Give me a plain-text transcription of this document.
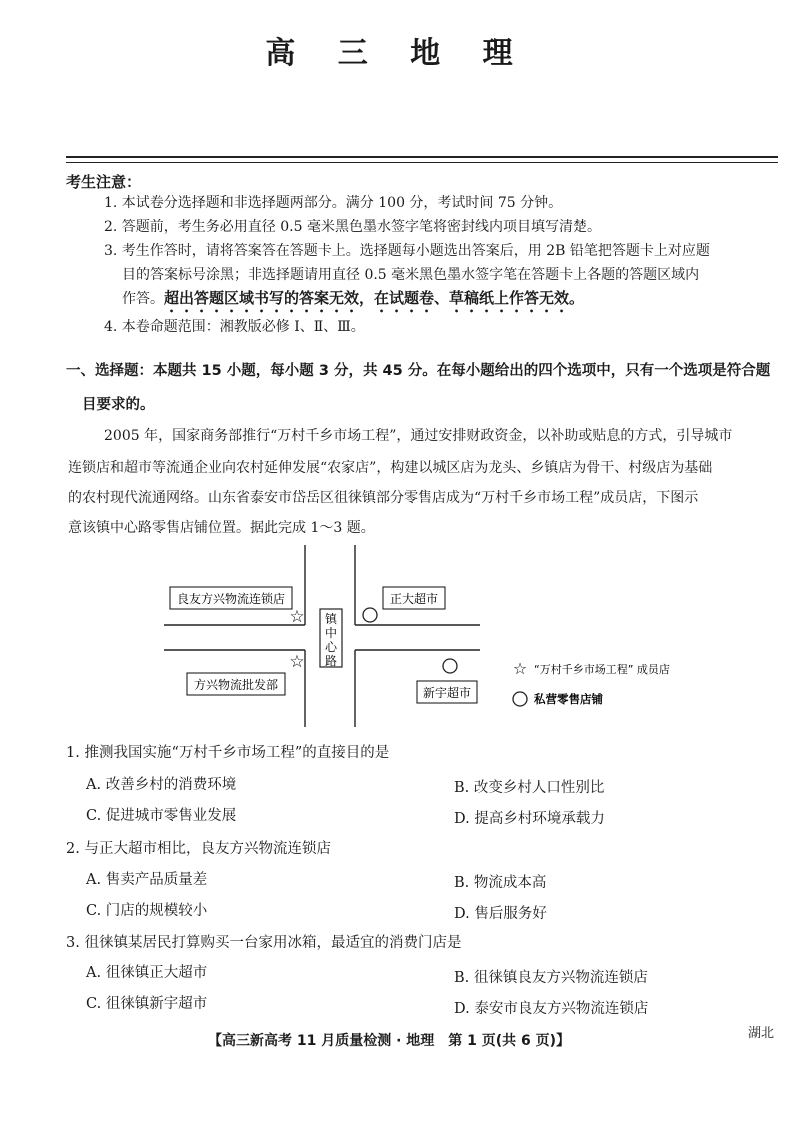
高 三 地 理
考生注意：
1. 本试卷分选择题和非选择题两部分。满分 100 分，考试时间 75 分钟。
2. 答题前，考生务必用直径 0.5 毫米黑色墨水签字笔将密封线内项目填写清楚。
3. 考生作答时，请将答案答在答题卡上。选择题每小题选出答案后，用 2B 铅笔把答题卡上对应题
目的答案标号涂黑；非选择题请用直径 0.5 毫米黑色墨水签字笔在答题卡上各题的答题区域内
作答。超出答题区域书写的答案无效，在试题卷、草稿纸上作答无效。
4. 本卷命题范围：湘教版必修 Ⅰ、Ⅱ、Ⅲ。
一、选择题：本题共 15 小题，每小题 3 分，共 45 分。在每小题给出的四个选项中，只有一个选项是符合题
目要求的。
2005 年，国家商务部推行“万村千乡市场工程”，通过安排财政资金，以补助或贴息的方式，引导城市
连锁店和超市等流通企业向农村延伸发展“农家店”，构建以城区店为龙头、乡镇店为骨干、村级店为基础
的农村现代流通网络。山东省泰安市岱岳区徂徕镇部分零售店成为“万村千乡市场工程”成员店，下图示
意该镇中心路零售店铺位置。据此完成 1～3 题。
镇
中
心
路
良友方兴物流连锁店	正大超市
方兴物流批发部
新宇超市
☆
☆	☆ “万村千乡市场工程” 成员店
私营零售店铺
1. 推测我国实施“万村千乡市场工程”的直接目的是
A. 改善乡村的消费环境	B. 改变乡村人口性别比
C. 促进城市零售业发展	D. 提高乡村环境承载力
2. 与正大超市相比，良友方兴物流连锁店
A. 售卖产品质量差	B. 物流成本高
C. 门店的规模较小	D. 售后服务好
3. 徂徕镇某居民打算购买一台家用冰箱，最适宜的消费门店是
A. 徂徕镇正大超市	B. 徂徕镇良友方兴物流连锁店
C. 徂徕镇新宇超市	D. 泰安市良友方兴物流连锁店
【高三新高考 11 月质量检测 · 地理　第 1 页(共 6 页)】	湖北
